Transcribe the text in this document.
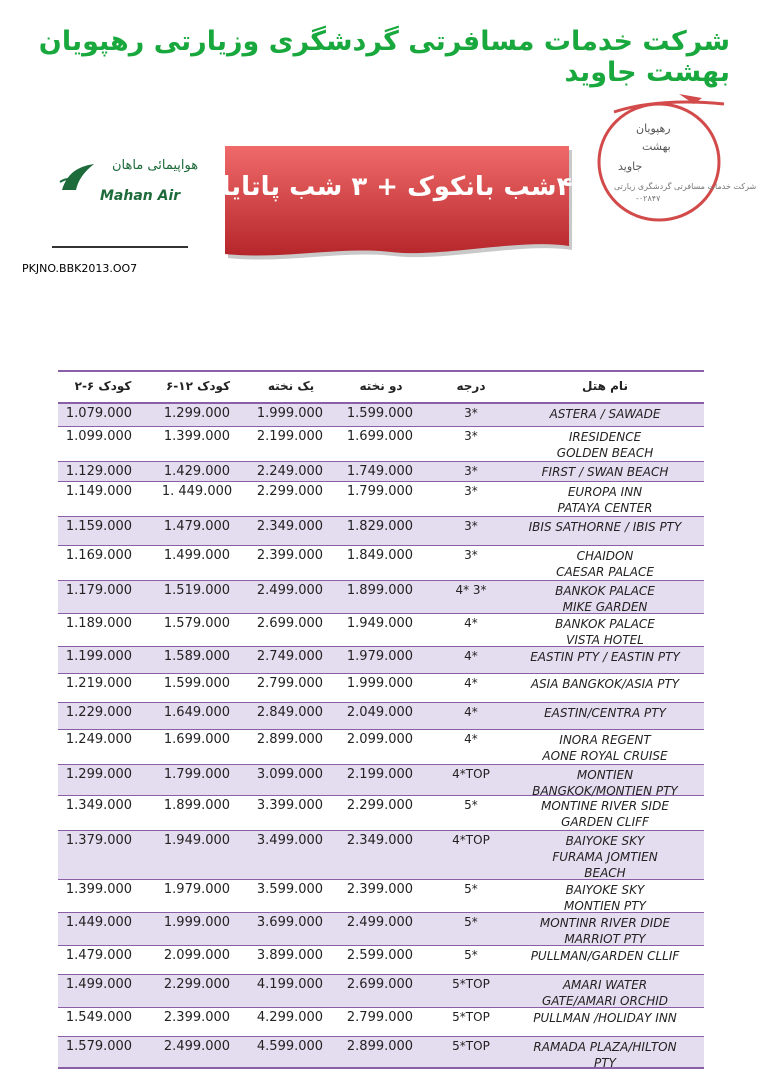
شرکت خدمات مسافرتی گردشگری وزیارتی رهپویان بهشت جاوید
هواپیمائی ماهان
Mahan Air ۴شب بانکوک + ۳ شب پاتایا
رهپویان
بهشت
جاوید
شرکت خدمات مسافرتی گردشگری زیارتی
-۰۲۸۴۷
PKJNO.BBK2013.OO7
کودک ۶-۲	کودک ۱۲-۶	یک نخته	دو نخته	درجه	نام هتل
1.079.000	1.299.000	1.999.000	1.599.000	3*	ASTERA / SAWADE
1.099.000	1.399.000	2.199.000	1.699.000	3*	IRESIDENCE
GOLDEN BEACH
1.129.000	1.429.000	2.249.000	1.749.000	3*	FIRST / SWAN BEACH
1.149.000	1. 449.000	2.299.000	1.799.000	3*	EUROPA INN
PATAYA CENTER
1.159.000	1.479.000	2.349.000	1.829.000	3*	IBIS SATHORNE / IBIS PTY
1.169.000	1.499.000	2.399.000	1.849.000	3*	CHAIDON
CAESAR PALACE
1.179.000	1.519.000	2.499.000	1.899.000	4* 3*	BANKOK PALACE
MIKE GARDEN
1.189.000	1.579.000	2.699.000	1.949.000	4*	BANKOK PALACE
VISTA HOTEL
1.199.000	1.589.000	2.749.000	1.979.000	4*	EASTIN PTY / EASTIN PTY
1.219.000	1.599.000	2.799.000	1.999.000	4*	ASIA BANGKOK/ASIA PTY
1.229.000	1.649.000	2.849.000	2.049.000	4*	EASTIN/CENTRA PTY
1.249.000	1.699.000	2.899.000	2.099.000	4*	INORA REGENT
AONE ROYAL CRUISE
1.299.000	1.799.000	3.099.000	2.199.000	4*TOP	MONTIEN
BANGKOK/MONTIEN PTY
1.349.000	1.899.000	3.399.000	2.299.000	5*	MONTINE RIVER SIDE
GARDEN CLIFF
1.379.000	1.949.000	3.499.000	2.349.000	4*TOP	BAIYOKE SKY
FURAMA JOMTIEN
BEACH
1.399.000	1.979.000	3.599.000	2.399.000	5*	BAIYOKE SKY
MONTIEN PTY
1.449.000	1.999.000	3.699.000	2.499.000	5*	MONTINR RIVER DIDE
MARRIOT PTY
1.479.000	2.099.000	3.899.000	2.599.000	5*	PULLMAN/GARDEN CLLIF
1.499.000	2.299.000	4.199.000	2.699.000	5*TOP	AMARI WATER
GATE/AMARI ORCHID
1.549.000	2.399.000	4.299.000	2.799.000	5*TOP	PULLMAN /HOLIDAY INN
1.579.000	2.499.000	4.599.000	2.899.000	5*TOP	RAMADA PLAZA/HILTON
PTY
